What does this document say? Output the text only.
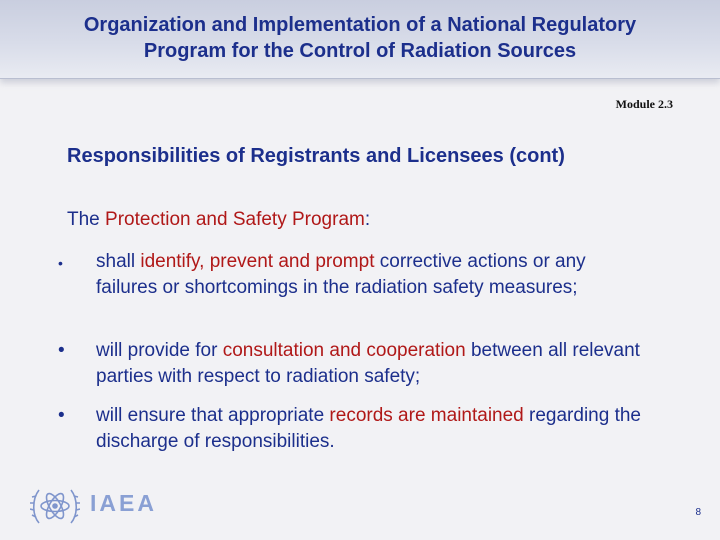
Organization and Implementation of a National Regulatory
Program for the Control of Radiation Sources
Module 2.3
Responsibilities of Registrants and Licensees (cont)
The Protection and Safety Program:
•	shall identify, prevent and prompt corrective actions or any failures or shortcomings in the radiation safety measures;
•	will provide for consultation and cooperation between all relevant parties with respect to radiation safety;
•	will ensure that appropriate records are maintained regarding the discharge of responsibilities.
IAEA	8
